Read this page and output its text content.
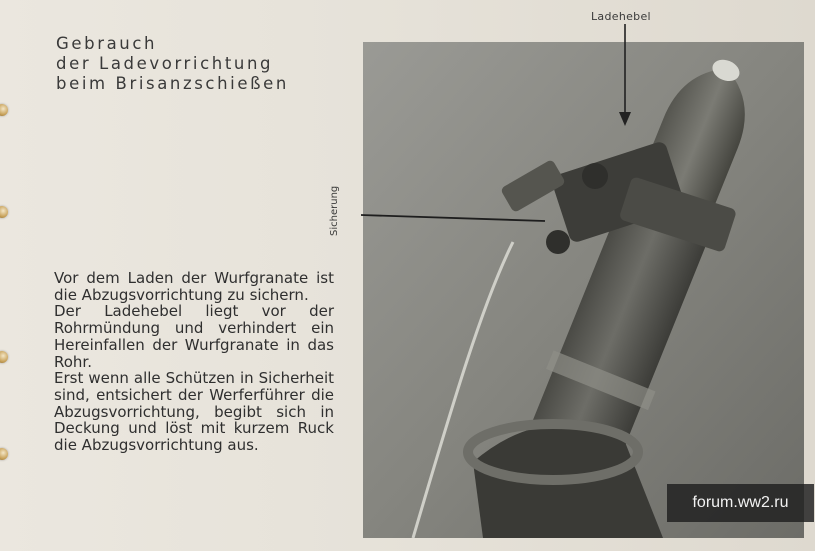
Gebrauch
der Ladevorrichtung
beim Brisanzschießen

Vor dem Laden der Wurfgranate ist die Abzugsvorrichtung zu sichern.

Der Ladehebel liegt vor der Rohrmündung und verhindert ein Hereinfallen der Wurfgranate in das Rohr.

Erst wenn alle Schützen in Sicherheit sind, entsichert der Werferführer die Abzugsvorrichtung, begibt sich in Deckung und löst mit kurzem Ruck die Abzugsvorrichtung aus.

Ladehebel
Sicherung
forum.ww2.ru
